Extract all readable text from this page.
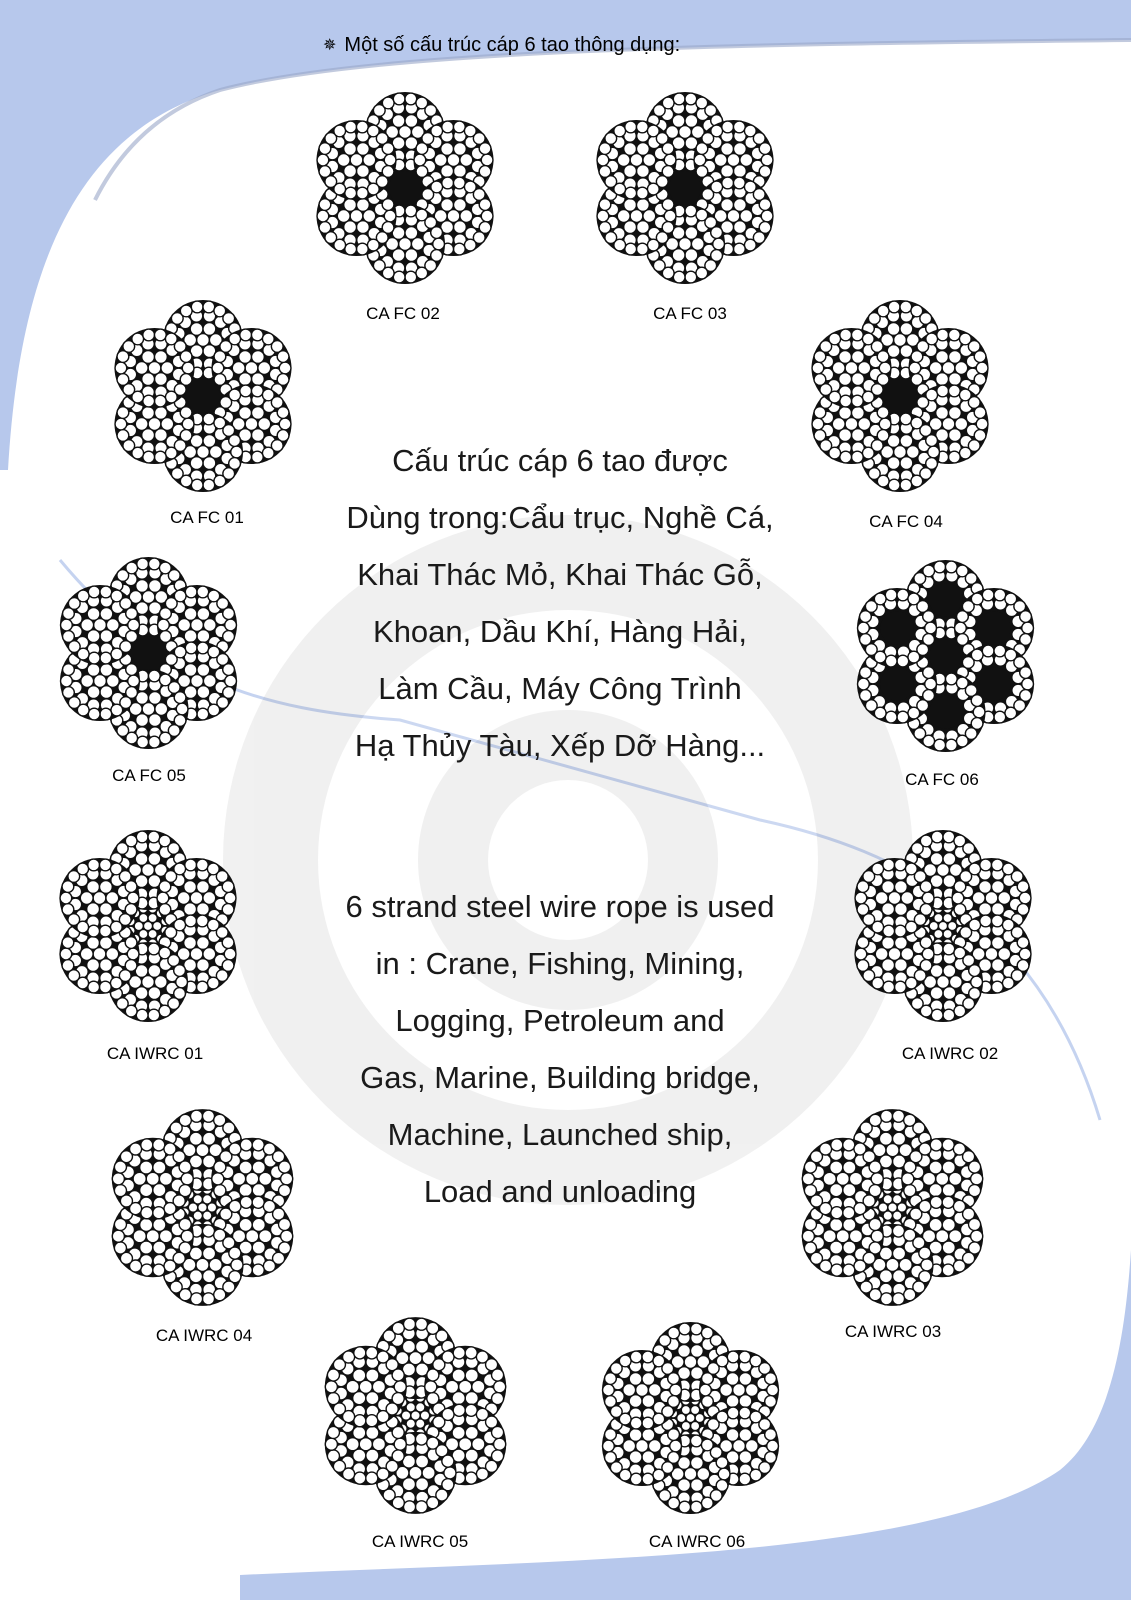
✵ Một số cấu trúc cáp 6 tao thông dụng:
Cấu trúc cáp 6 tao được
Dùng trong:Cẩu trục, Nghề Cá,
Khai Thác Mỏ, Khai Thác Gỗ,
Khoan, Dầu Khí, Hàng Hải,
Làm Cầu, Máy Công Trình
Hạ Thủy Tàu, Xếp Dỡ Hàng...
6 strand steel wire rope is used
in : Crane, Fishing, Mining,
Logging, Petroleum and
Gas, Marine, Building bridge,
Machine, Launched ship,
Load and unloading
CA FC 02	CA FC 03
CA FC 01	CA FC 04
CA FC 05	CA FC 06
CA IWRC 01	CA IWRC 02
CA IWRC 04	CA IWRC 03
CA IWRC 05	CA IWRC 06
